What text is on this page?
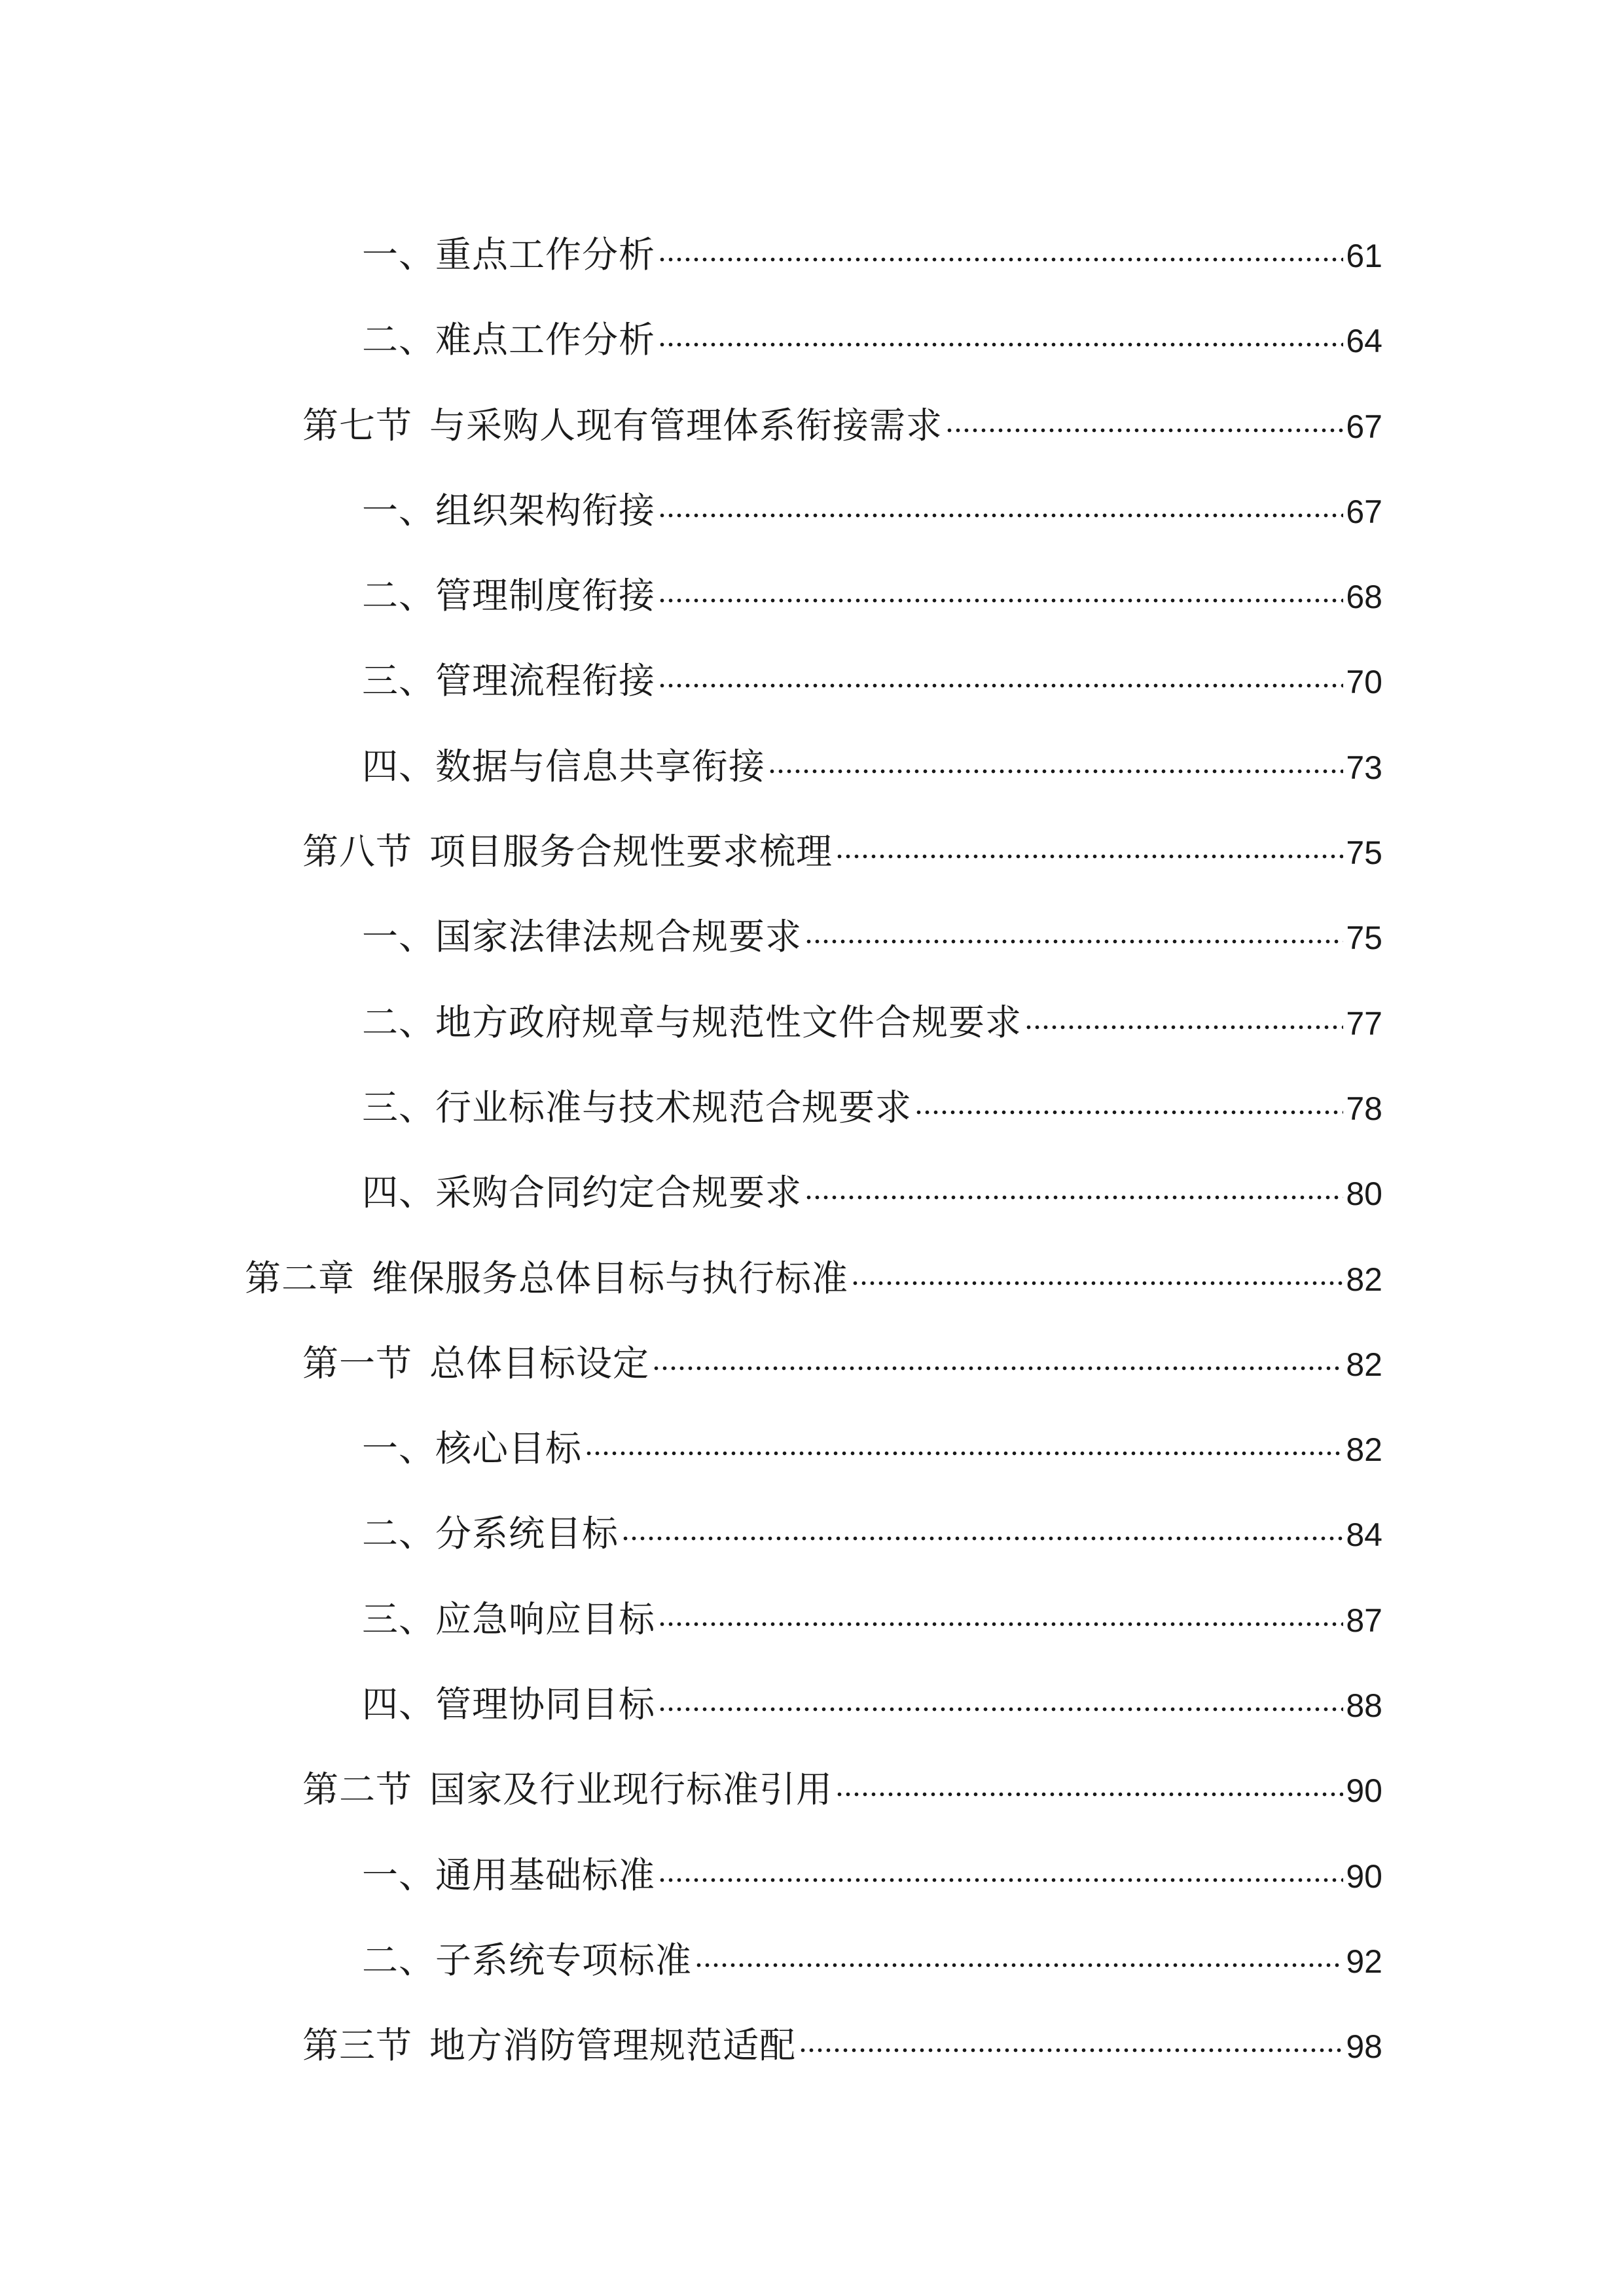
一、重点工作分析	61
二、难点工作分析	64
第七节 与采购人现有管理体系衔接需求	67
一、组织架构衔接	67
二、管理制度衔接	68
三、管理流程衔接	70
四、数据与信息共享衔接	73
第八节 项目服务合规性要求梳理	75
一、国家法律法规合规要求	75
二、地方政府规章与规范性文件合规要求	77
三、行业标准与技术规范合规要求	78
四、采购合同约定合规要求	80
第二章 维保服务总体目标与执行标准	82
第一节 总体目标设定	82
一、核心目标	82
二、分系统目标	84
三、应急响应目标	87
四、管理协同目标	88
第二节 国家及行业现行标准引用	90
一、通用基础标准	90
二、子系统专项标准	92
第三节 地方消防管理规范适配	98
